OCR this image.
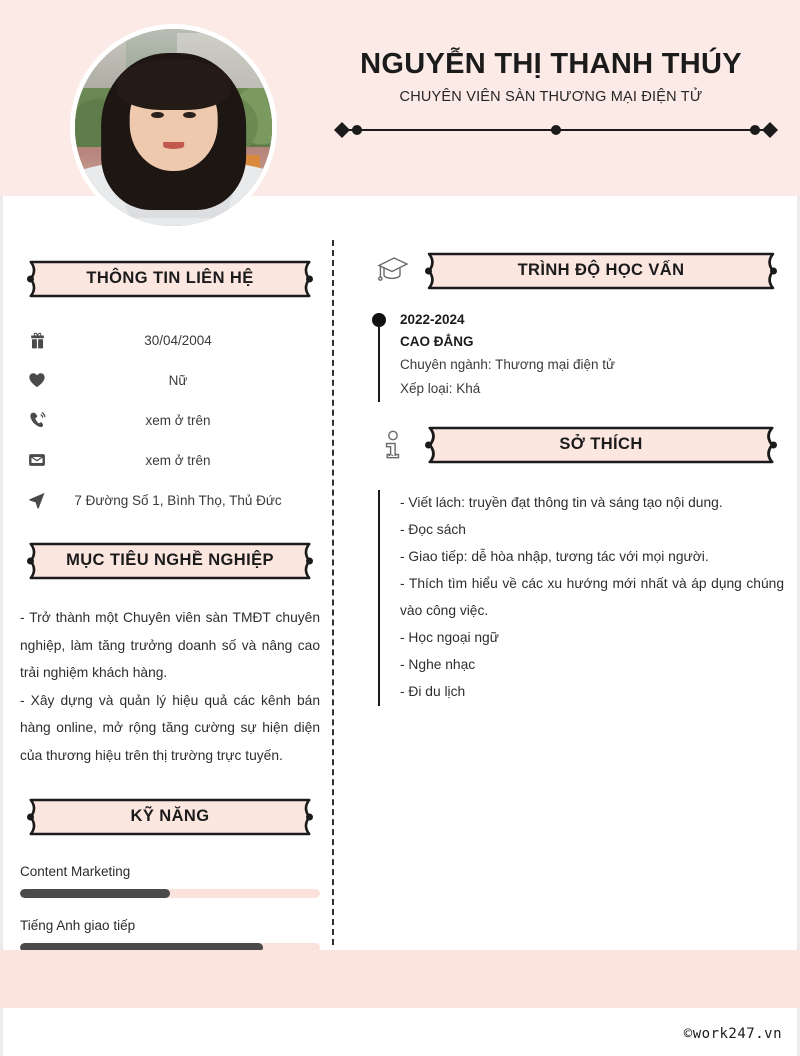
NGUYỄN THỊ THANH THÚY

CHUYÊN VIÊN SÀN THƯƠNG MẠI ĐIỆN TỬ

THÔNG TIN LIÊN HỆ
30/04/2004
Nữ
xem ở trên
xem ở trên
7 Đường Số 1, Bình Thọ, Thủ Đức
MỤC TIÊU NGHỀ NGHIỆP

- Trở thành một Chuyên viên sàn TMĐT chuyên nghiệp, làm tăng trưởng doanh số và nâng cao trải nghiệm khách hàng.

- Xây dựng và quản lý hiệu quả các kênh bán hàng online, mở rộng tăng cường sự hiện diện của thương hiệu trên thị trường trực tuyến.

KỸ NĂNG
Content Marketing
Tiếng Anh giao tiếp
TRÌNH ĐỘ HỌC VẤN
2022-2024
CAO ĐẲNG
Chuyên ngành: Thương mại điện tử
Xếp loại: Khá
SỞ THÍCH
- Viết lách: truyền đạt thông tin và sáng tạo nội dung.
- Đọc sách
- Giao tiếp: dễ hòa nhập, tương tác với mọi người.
- Thích tìm hiểu về các xu hướng mới nhất và áp dụng chúng vào công việc.
- Học ngoại ngữ
- Nghe nhạc
- Đi du lịch
©work247.vn
